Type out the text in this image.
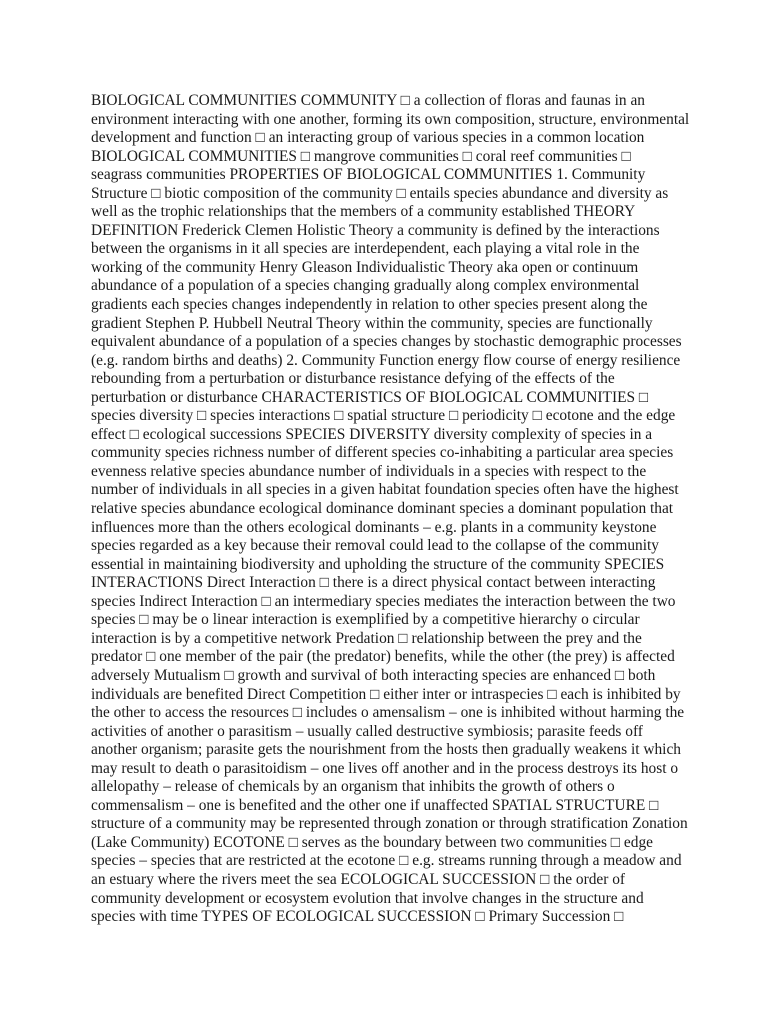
BIOLOGICAL COMMUNITIES COMMUNITY □ a collection of floras and faunas in an
environment interacting with one another, forming its own composition, structure, environmental
development and function □ an interacting group of various species in a common location
BIOLOGICAL COMMUNITIES □ mangrove communities □ coral reef communities □
seagrass communities PROPERTIES OF BIOLOGICAL COMMUNITIES 1. Community
Structure □ biotic composition of the community □ entails species abundance and diversity as
well as the trophic relationships that the members of a community established THEORY
DEFINITION Frederick Clemen Holistic Theory a community is defined by the interactions
between the organisms in it all species are interdependent, each playing a vital role in the
working of the community Henry Gleason Individualistic Theory aka open or continuum
abundance of a population of a species changing gradually along complex environmental
gradients each species changes independently in relation to other species present along the
gradient Stephen P. Hubbell Neutral Theory within the community, species are functionally
equivalent abundance of a population of a species changes by stochastic demographic processes
(e.g. random births and deaths) 2. Community Function energy flow course of energy resilience
rebounding from a perturbation or disturbance resistance defying of the effects of the
perturbation or disturbance CHARACTERISTICS OF BIOLOGICAL COMMUNITIES □
species diversity □ species interactions □ spatial structure □ periodicity □ ecotone and the edge
effect □ ecological successions SPECIES DIVERSITY diversity complexity of species in a
community species richness number of different species co-inhabiting a particular area species
evenness relative species abundance number of individuals in a species with respect to the
number of individuals in all species in a given habitat foundation species often have the highest
relative species abundance ecological dominance dominant species a dominant population that
influences more than the others ecological dominants – e.g. plants in a community keystone
species regarded as a key because their removal could lead to the collapse of the community
essential in maintaining biodiversity and upholding the structure of the community SPECIES
INTERACTIONS Direct Interaction □ there is a direct physical contact between interacting
species Indirect Interaction □ an intermediary species mediates the interaction between the two
species □ may be o linear interaction is exemplified by a competitive hierarchy o circular
interaction is by a competitive network Predation □ relationship between the prey and the
predator □ one member of the pair (the predator) benefits, while the other (the prey) is affected
adversely Mutualism □ growth and survival of both interacting species are enhanced □ both
individuals are benefited Direct Competition □ either inter or intraspecies □ each is inhibited by
the other to access the resources □ includes o amensalism – one is inhibited without harming the
activities of another o parasitism – usually called destructive symbiosis; parasite feeds off
another organism; parasite gets the nourishment from the hosts then gradually weakens it which
may result to death o parasitoidism – one lives off another and in the process destroys its host o
allelopathy – release of chemicals by an organism that inhibits the growth of others o
commensalism – one is benefited and the other one if unaffected SPATIAL STRUCTURE □
structure of a community may be represented through zonation or through stratification Zonation
(Lake Community) ECOTONE □ serves as the boundary between two communities □ edge
species – species that are restricted at the ecotone □ e.g. streams running through a meadow and
an estuary where the rivers meet the sea ECOLOGICAL SUCCESSION □ the order of
community development or ecosystem evolution that involve changes in the structure and
species with time TYPES OF ECOLOGICAL SUCCESSION □ Primary Succession □
